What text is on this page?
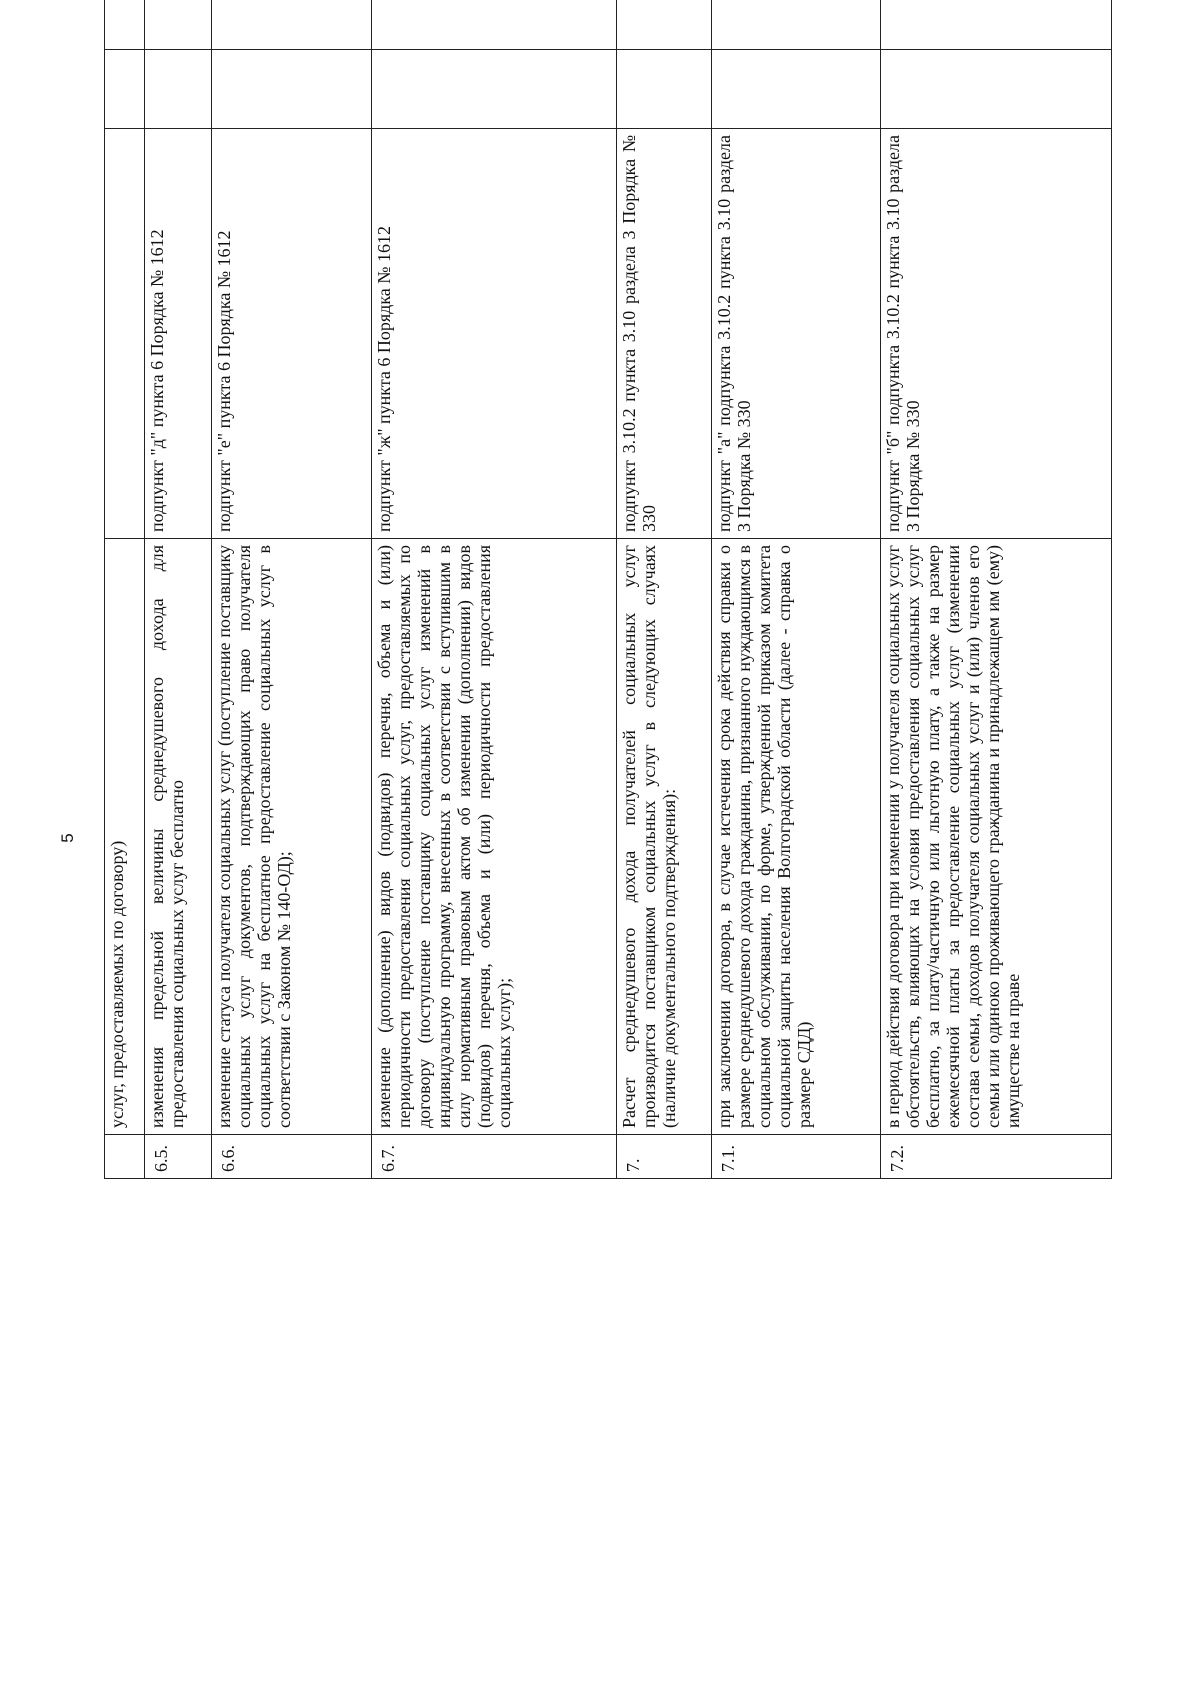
5
	услуг, предоставляемых по договору)					
6.5.	изменения предельной величины среднедушевого дохода для предоставления социальных услуг бесплатно	подпункт "д" пункта 6 Порядка № 1612				
6.6.	изменение статуса получателя социальных услуг (поступление поставщику социальных услуг документов, подтверждающих право получателя социальных услуг на бесплатное предоставление социальных услуг в соответствии с Законом № 140-ОД);	подпункт "е" пункта 6 Порядка № 1612				
6.7.	изменение (дополнение) видов (подвидов) перечня, объема и (или) периодичности предоставления социальных услуг, предоставляемых по договору (поступление поставщику социальных услуг изменений в индивидуальную программу, внесенных в соответствии с вступившим в силу нормативным правовым актом об изменении (дополнении) видов (подвидов) перечня, объема и (или) периодичности предоставления социальных услуг);	подпункт "ж" пункта 6 Порядка № 1612				
7.	Расчет среднедушевого дохода получателей социальных услуг производится поставщиком социальных услуг в следующих случаях (наличие документального подтверждения):	подпункт 3.10.2 пункта 3.10 раздела 3 Порядка № 330				
7.1.	при заключении договора, в случае истечения срока действия справки о размере среднедушевого дохода гражданина, признанного нуждающимся в социальном обслуживании, по форме, утвержденной приказом комитета социальной защиты населения Волгоградской области (далее - справка о размере СДД)	подпункт "а" подпункта 3.10.2 пункта 3.10 раздела 3 Порядка № 330				
7.2.	в период действия договора при изменении у получателя социальных услуг обстоятельств, влияющих на условия предоставления социальных услуг бесплатно, за плату/частичную или льготную плату, а также на размер ежемесячной платы за предоставление социальных услуг (изменении состава семьи, доходов получателя социальных услуг и (или) членов его семьи или одиноко проживающего гражданина и принадлежащем им (ему) имуществе на праве	подпункт "б" подпункта 3.10.2 пункта 3.10 раздела 3 Порядка № 330				
